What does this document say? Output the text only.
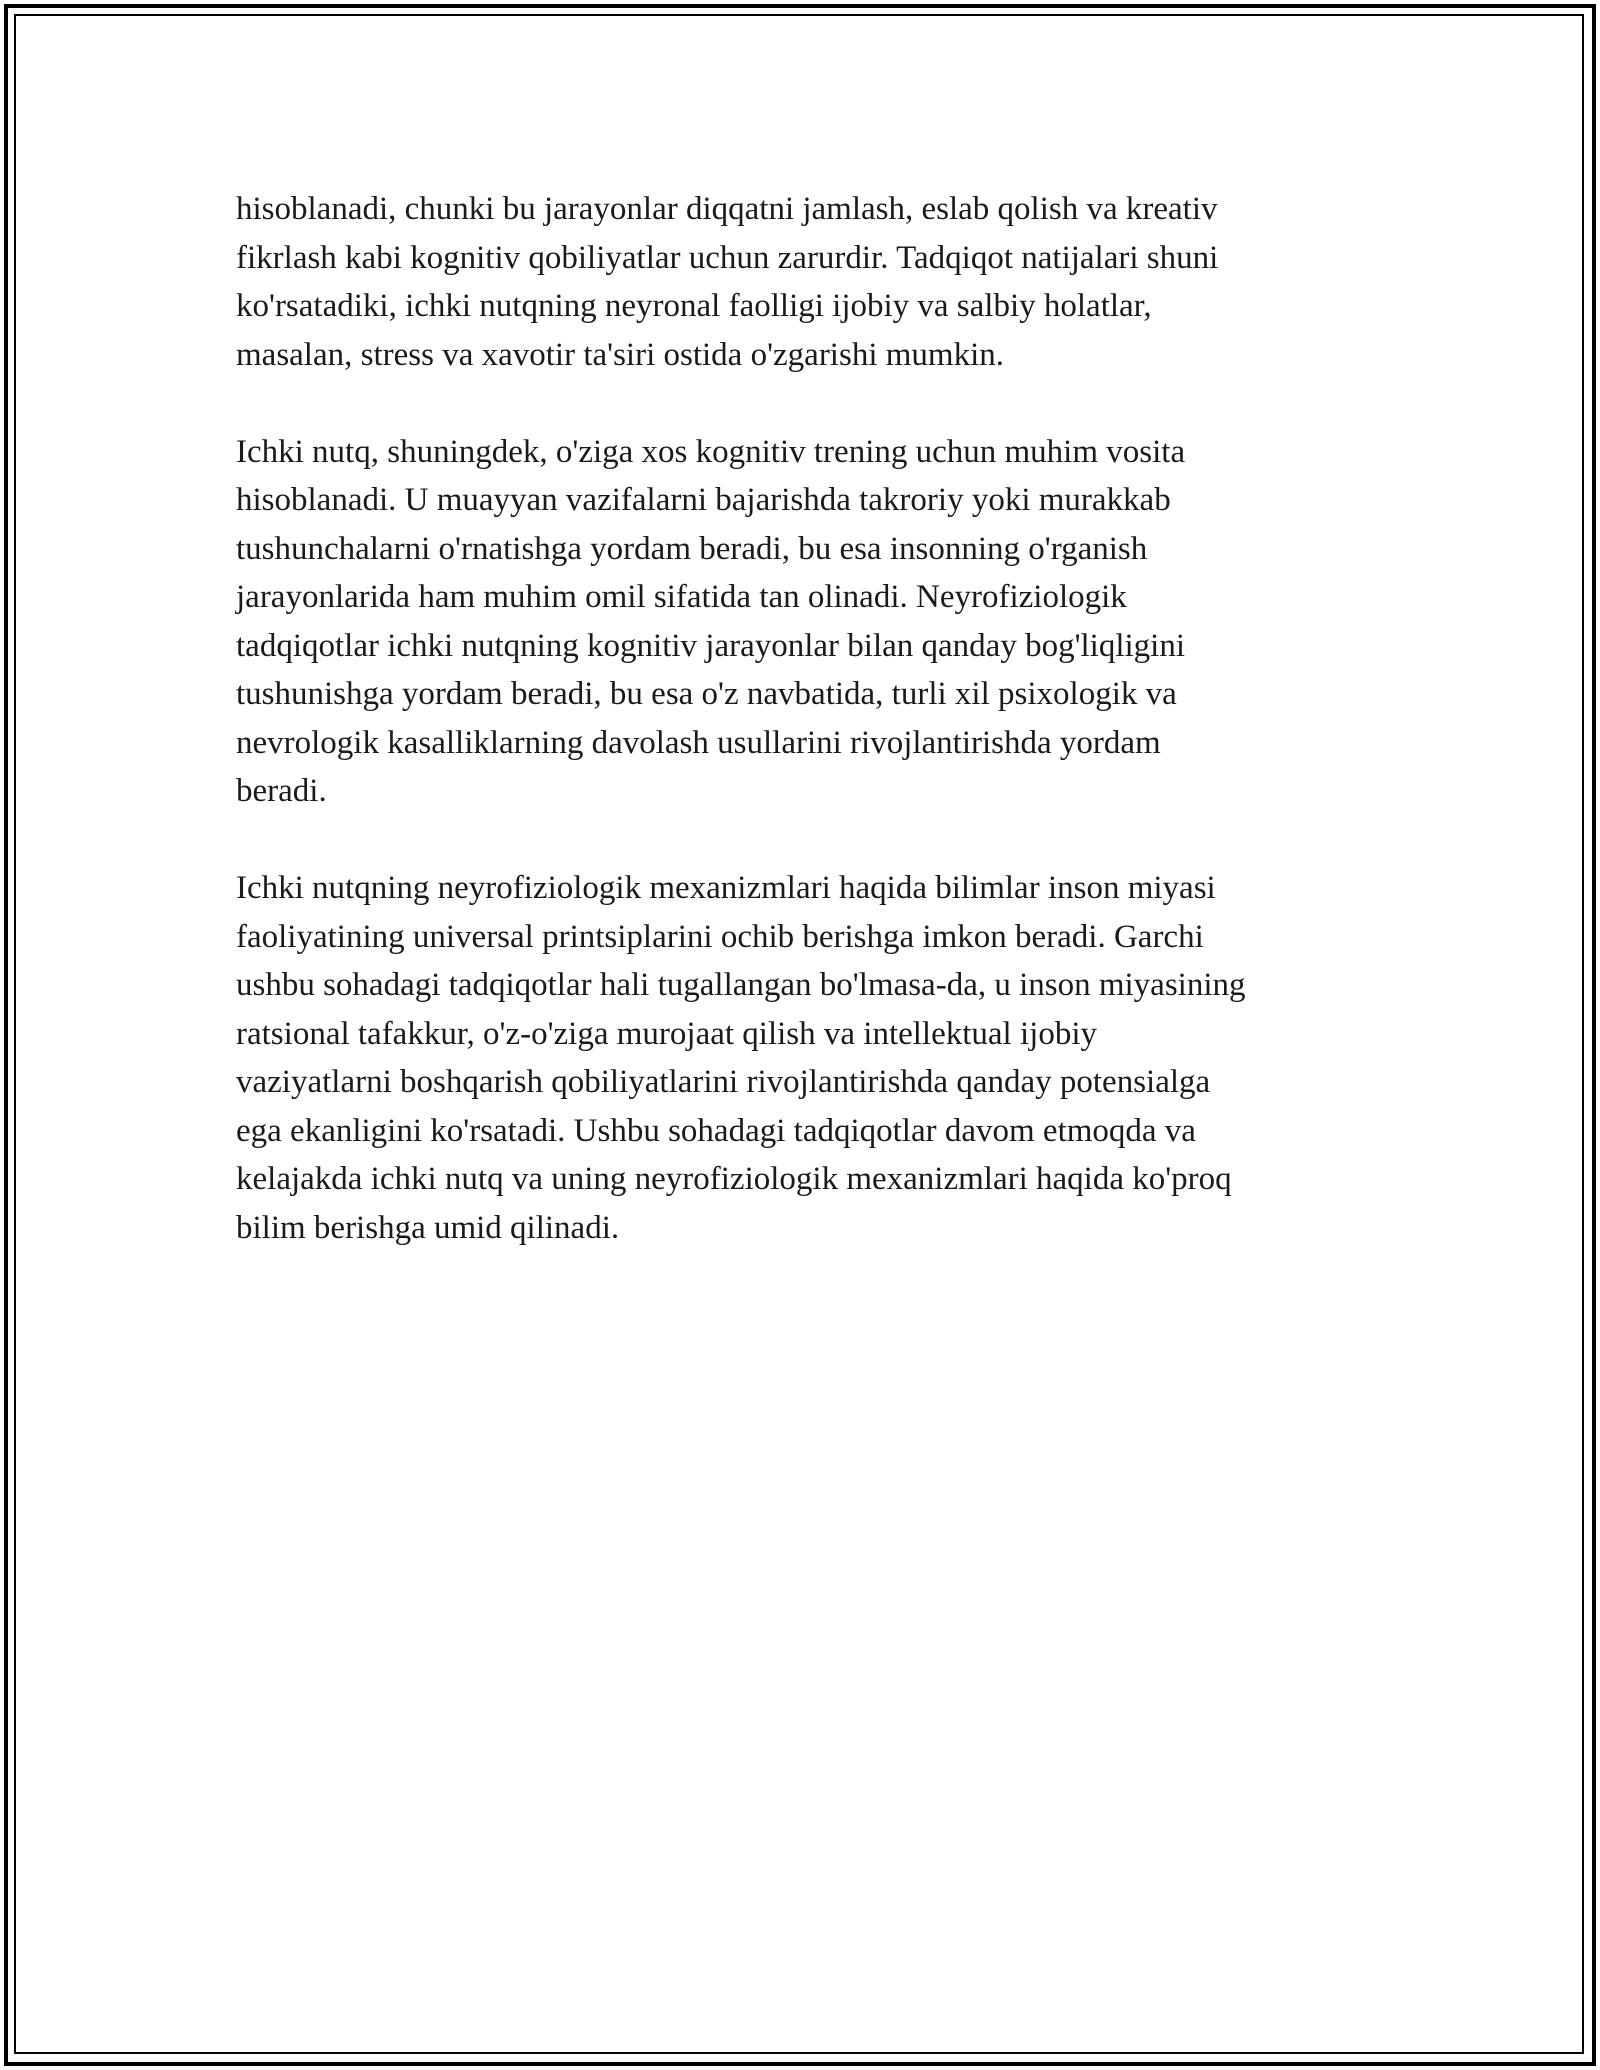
hisoblanadi, chunki bu jarayonlar diqqatni jamlash, eslab qolish va kreativ
fikrlash kabi kognitiv qobiliyatlar uchun zarurdir. Tadqiqot natijalari shuni
ko'rsatadiki, ichki nutqning neyronal faolligi ijobiy va salbiy holatlar,
masalan, stress va xavotir ta'siri ostida o'zgarishi mumkin.

Ichki nutq, shuningdek, o'ziga xos kognitiv trening uchun muhim vosita
hisoblanadi. U muayyan vazifalarni bajarishda takroriy yoki murakkab
tushunchalarni o'rnatishga yordam beradi, bu esa insonning o'rganish
jarayonlarida ham muhim omil sifatida tan olinadi. Neyrofiziologik
tadqiqotlar ichki nutqning kognitiv jarayonlar bilan qanday bog'liqligini
tushunishga yordam beradi, bu esa o'z navbatida, turli xil psixologik va
nevrologik kasalliklarning davolash usullarini rivojlantirishda yordam
beradi.

Ichki nutqning neyrofiziologik mexanizmlari haqida bilimlar inson miyasi
faoliyatining universal printsiplarini ochib berishga imkon beradi. Garchi
ushbu sohadagi tadqiqotlar hali tugallangan bo'lmasa-da, u inson miyasining
ratsional tafakkur, o'z-o'ziga murojaat qilish va intellektual ijobiy
vaziyatlarni boshqarish qobiliyatlarini rivojlantirishda qanday potensialga
ega ekanligini ko'rsatadi. Ushbu sohadagi tadqiqotlar davom etmoqda va
kelajakda ichki nutq va uning neyrofiziologik mexanizmlari haqida ko'proq
bilim berishga umid qilinadi.
